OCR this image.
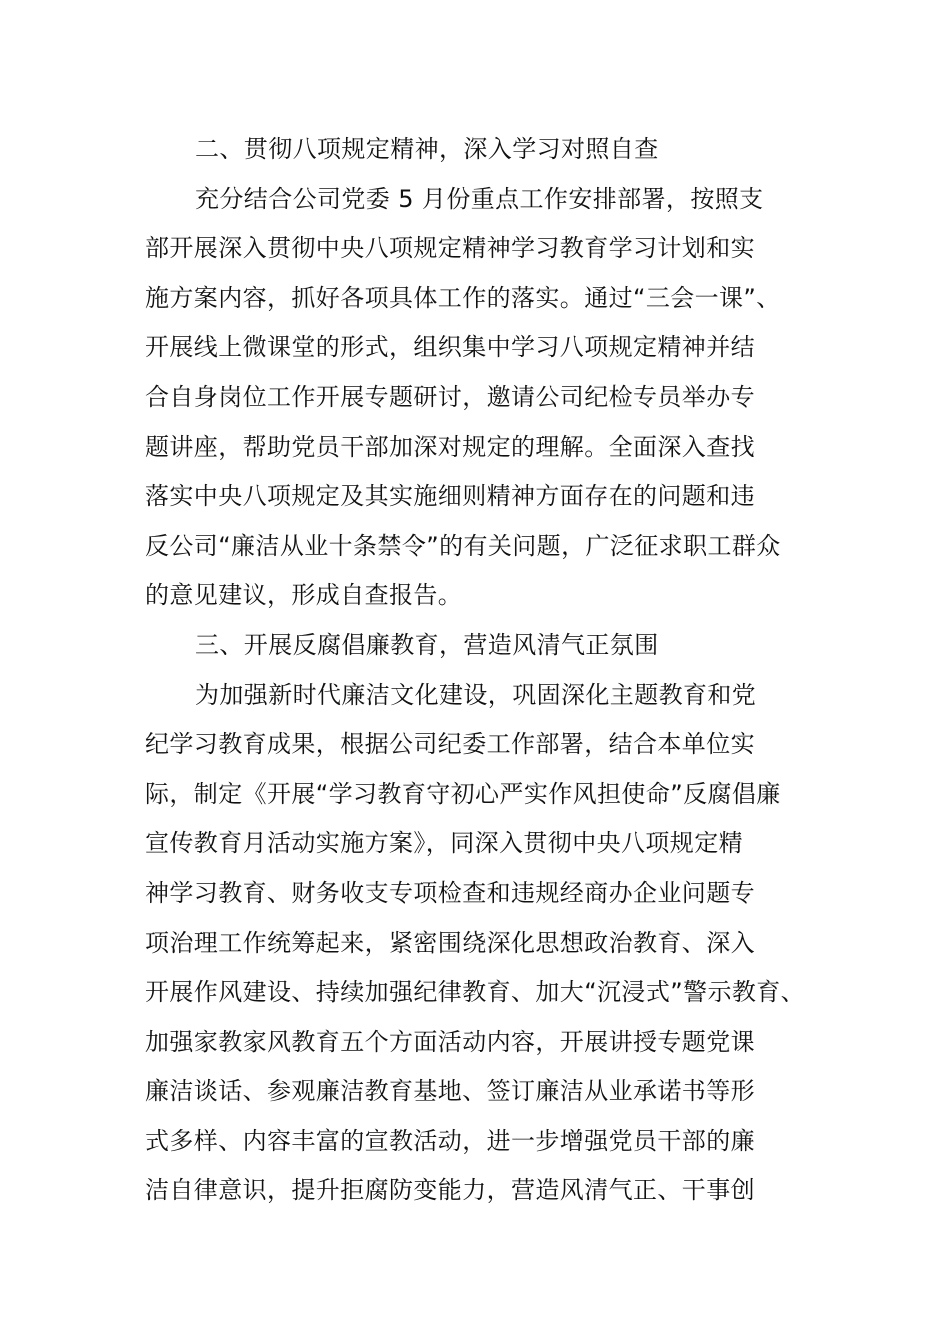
二、贯彻八项规定精神，深入学习对照自查
充分结合公司党委 5 月份重点工作安排部署，按照支
部开展深入贯彻中央八项规定精神学习教育学习计划和实
施方案内容，抓好各项具体工作的落实。通过“三会一课”、
开展线上微课堂的形式，组织集中学习八项规定精神并结
合自身岗位工作开展专题研讨，邀请公司纪检专员举办专
题讲座，帮助党员干部加深对规定的理解。全面深入查找
落实中央八项规定及其实施细则精神方面存在的问题和违
反公司“廉洁从业十条禁令”的有关问题，广泛征求职工群众
的意见建议，形成自查报告。
三、开展反腐倡廉教育，营造风清气正氛围
为加强新时代廉洁文化建设，巩固深化主题教育和党
纪学习教育成果，根据公司纪委工作部署，结合本单位实
际，制定《开展“学习教育守初心严实作风担使命”反腐倡廉
宣传教育月活动实施方案》，同深入贯彻中央八项规定精
神学习教育、财务收支专项检查和违规经商办企业问题专
项治理工作统筹起来，紧密围绕深化思想政治教育、深入
开展作风建设、持续加强纪律教育、加大“沉浸式”警示教育、
加强家教家风教育五个方面活动内容，开展讲授专题党课
廉洁谈话、参观廉洁教育基地、签订廉洁从业承诺书等形
式多样、内容丰富的宣教活动，进一步增强党员干部的廉
洁自律意识，提升拒腐防变能力，营造风清气正、干事创
